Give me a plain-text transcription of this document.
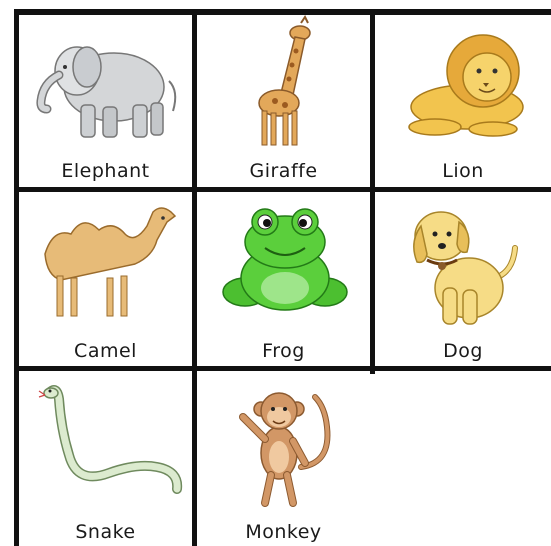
Elephant	Giraffe	Lion
Camel	Frog	Dog
Snake	Monkey
